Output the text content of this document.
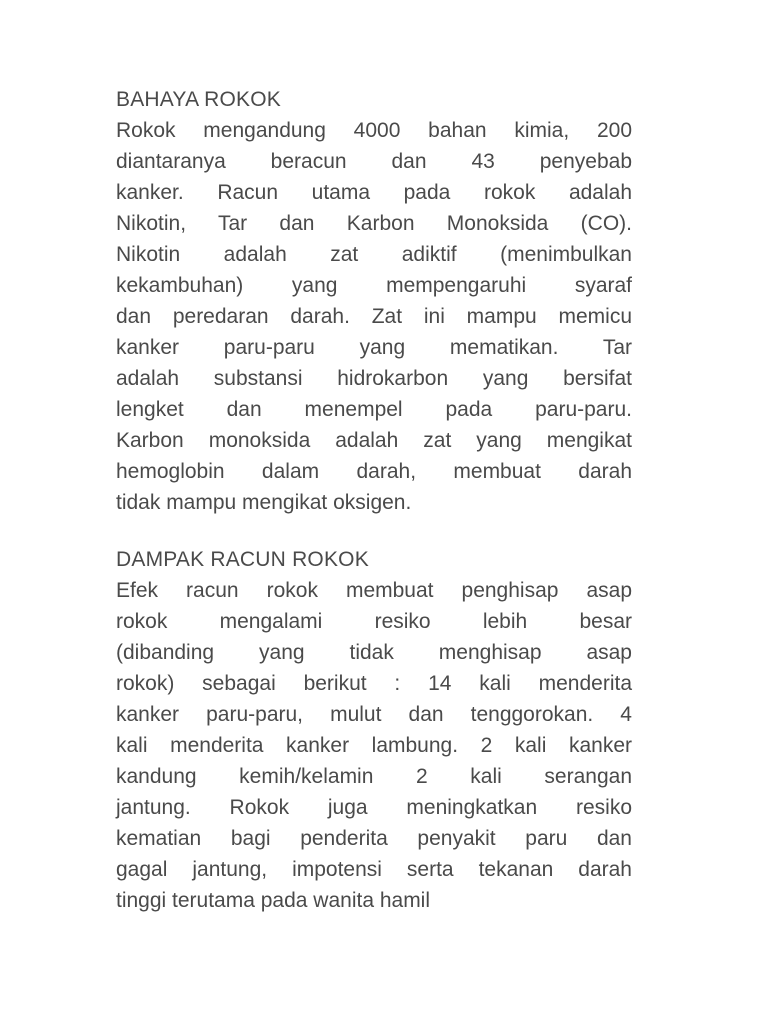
BAHAYA ROKOK
Rokok mengandung 4000 bahan kimia, 200
diantaranya beracun dan 43 penyebab
kanker. Racun utama pada rokok adalah
Nikotin, Tar dan Karbon Monoksida (CO).
Nikotin adalah zat adiktif (menimbulkan
kekambuhan) yang mempengaruhi syaraf
dan peredaran darah. Zat ini mampu memicu
kanker paru-paru yang mematikan. Tar
adalah substansi hidrokarbon yang bersifat
lengket dan menempel pada paru-paru.
Karbon monoksida adalah zat yang mengikat
hemoglobin dalam darah, membuat darah
tidak mampu mengikat oksigen.
DAMPAK RACUN ROKOK
Efek racun rokok membuat penghisap asap
rokok mengalami resiko lebih besar
(dibanding yang tidak menghisap asap
rokok) sebagai berikut : 14 kali menderita
kanker paru-paru, mulut dan tenggorokan. 4
kali menderita kanker lambung. 2 kali kanker
kandung kemih/kelamin 2 kali serangan
jantung. Rokok juga meningkatkan resiko
kematian bagi penderita penyakit paru dan
gagal jantung, impotensi serta tekanan darah
tinggi terutama pada wanita hamil
